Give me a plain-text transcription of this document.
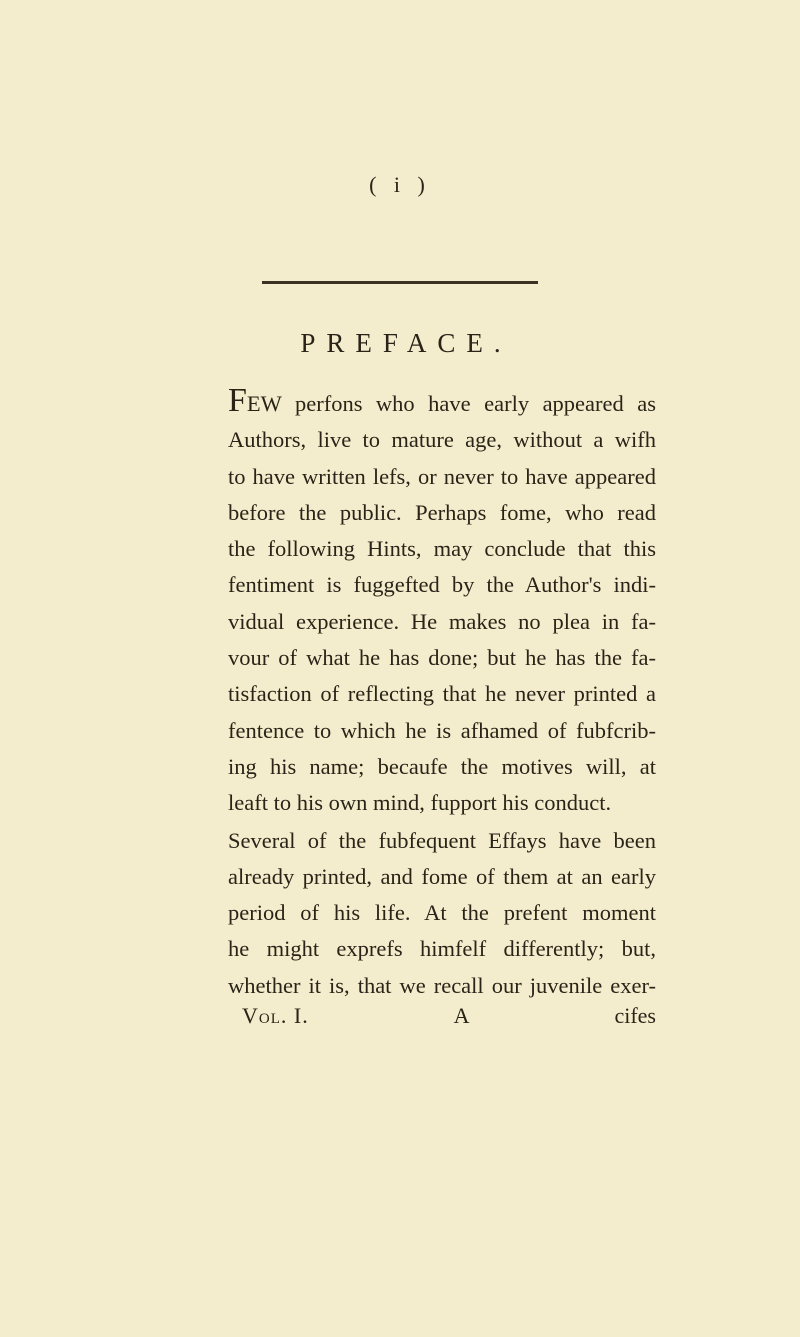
( i )
PREFACE.
FEW perfons who have early appeared as
Authors, live to mature age, without a wifh
to have written lefs, or never to have appeared
before the public. Perhaps fome, who read
the following Hints, may conclude that this
fentiment is fuggefted by the Author's indi-
vidual experience. He makes no plea in fa-
vour of what he has done; but he has the fa-
tisfaction of reflecting that he never printed a
fentence to which he is afhamed of fubfcrib-
ing his name; becaufe the motives will, at
leaft to his own mind, fupport his conduct.
Several of the fubfequent Effays have been
already printed, and fome of them at an early
period of his life. At the prefent moment
he might exprefs himfelf differently; but,
whether it is, that we recall our juvenile exer-
Vol. I.	A	cifes
